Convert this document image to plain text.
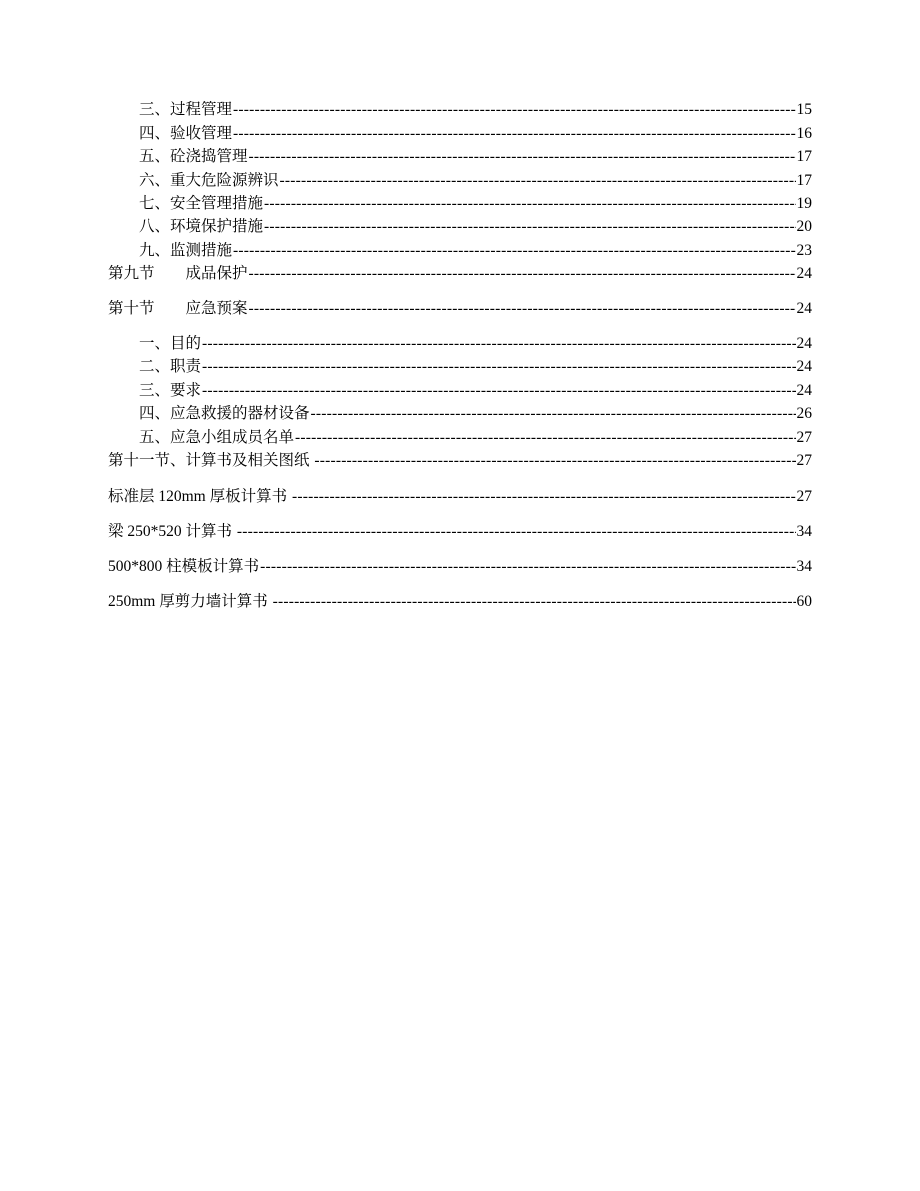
三、过程管理 -----	15
四、验收管理 -----	16
五、砼浇捣管理 -----	17
六、重大危险源辨识 -----	17
七、安全管理措施 -----	19
八、环境保护措施 -----	20
九、监测措施 -----	23
第九节　　成品保护 -----	24
第十节　　应急预案 -----	24
一、目的 -----	24
二、职责 -----	24
三、要求 -----	24
四、应急救援的器材设备 -----	26
五、应急小组成员名单 -----	27
第十一节、计算书及相关图纸 -----	27
标准层 120mm 厚板计算书 -----	27
梁 250*520 计算书 -----	34
500*800 柱模板计算书 -----	34
250mm 厚剪力墙计算书 -----	60
